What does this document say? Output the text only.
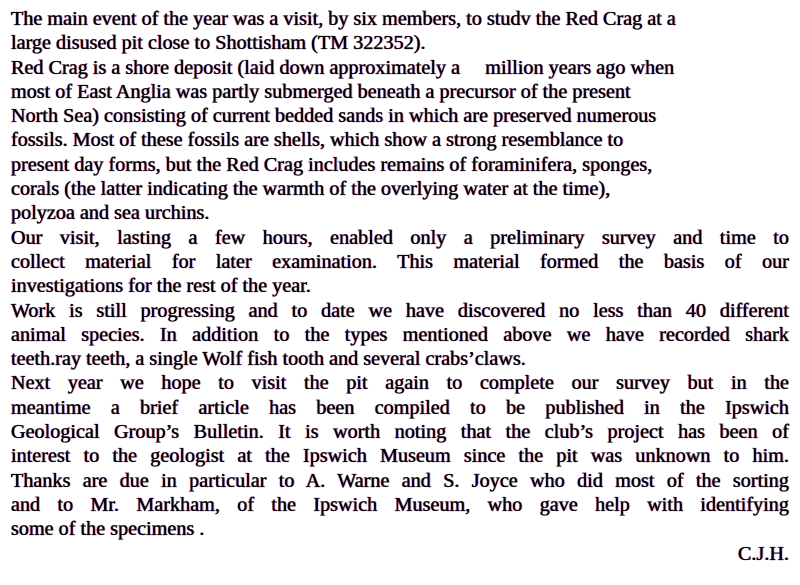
The main event of the year was a visit, by six members, to studv the Red Crag at a
large disused pit close to Shottisham (TM 322352).
Red Crag is a shore deposit (laid down approximately a     million years ago when
most of East Anglia was partly submerged beneath a precursor of the present
North Sea) consisting of current bedded sands in which are preserved numerous
fossils. Most of these fossils are shells, which show a strong resemblance to
present day forms, but the Red Crag includes remains of foraminifera, sponges,
corals (the latter indicating the warmth of the overlying water at the time),
polyzoa and sea urchins.
Our visit, lasting a few hours, enabled only a preliminary survey and time to
collect material for later examination. This material formed the basis of our
investigations for the rest of the year.
Work is still progressing and to date we have discovered no less than 40 different
animal species. In addition to the types mentioned above we have recorded shark
teeth.ray teeth, a single Wolf fish tooth and several crabs’claws.
Next year we hope to visit the pit again to complete our survey but in the
meantime a brief article has been compiled to be published in the Ipswich
Geological Group’s Bulletin. It is worth noting that the club’s project has been of
interest to the geologist at the Ipswich Museum since the pit was unknown to him.
Thanks are due in particular to A. Warne and S. Joyce who did most of the sorting
and to Mr. Markham, of the Ipswich Museum, who gave help with identifying
some of the specimens .
C.J.H.
